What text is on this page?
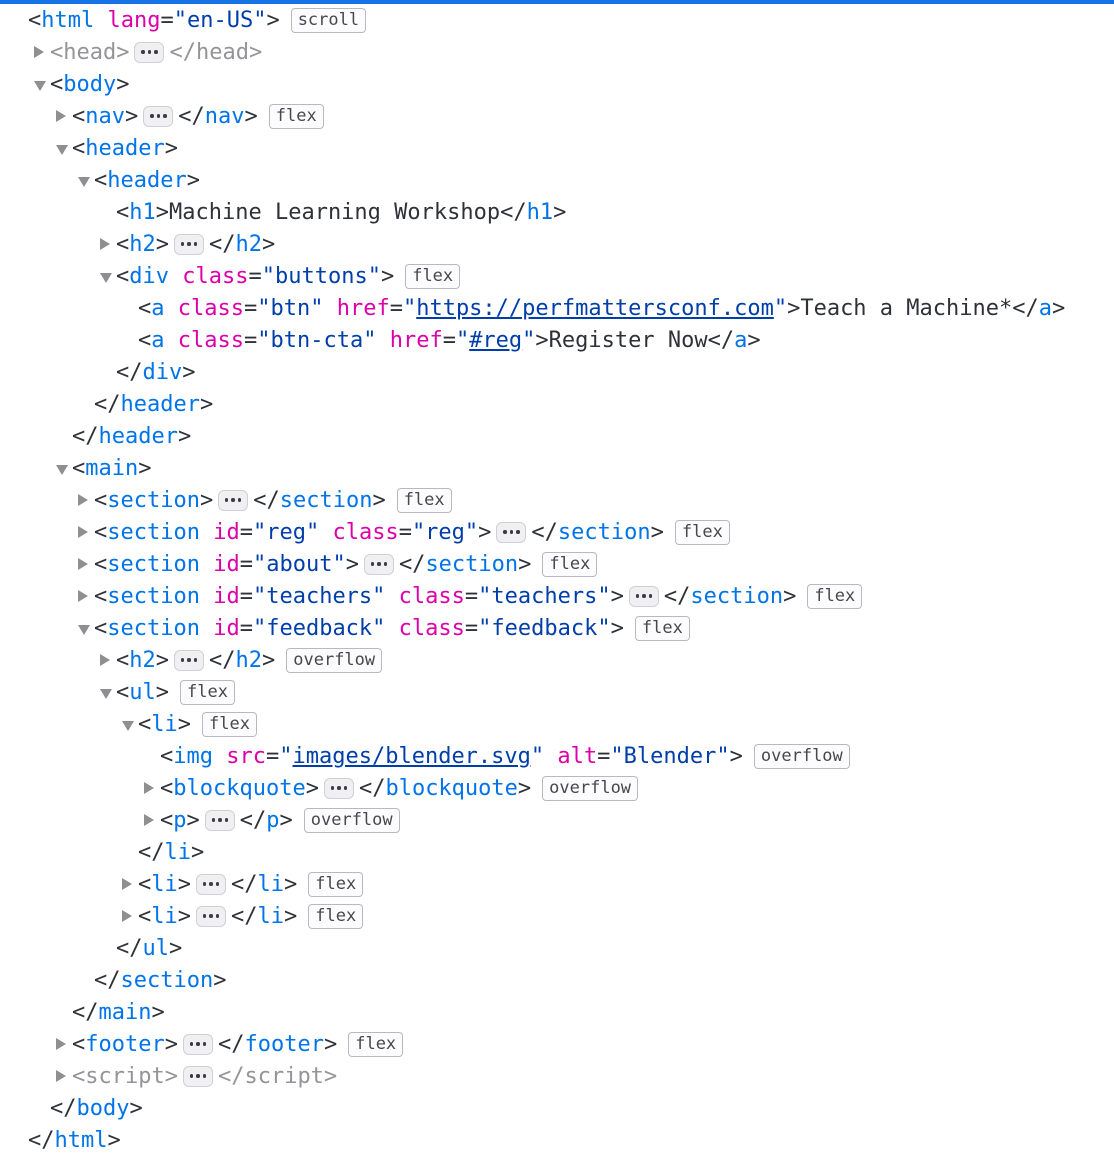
< html
lang = "en-US" >	scroll
<head> </head>
< body >
< nav > </ nav >	flex
< header >
< header >
< h1 > Machine Learning Workshop </ h1 >
< h2 > </ h2 >
< div
class = "buttons" >	flex
< a
class = "btn"
href = " https://perfmattersconf.com " > Teach a Machine* </ a >
< a
class = "btn-cta"
href = " #reg " > Register Now </ a >
</ div >
</ header >
</ header >
< main >
< section > </ section >	flex
< section
id = "reg"
class = "reg" > </ section >	flex
< section
id = "about" > </ section >	flex
< section
id = "teachers"
class = "teachers" > </ section >	flex
< section
id = "feedback"
class = "feedback" >	flex
< h2 > </ h2 >	overflow
< ul >	flex
< li >	flex
< img
src = " images/blender.svg "
alt = "Blender" >	overflow
< blockquote > </ blockquote >	overflow
< p > </ p >	overflow
</ li >
< li > </ li >	flex
< li > </ li >	flex
</ ul >
</ section >
</ main >
< footer > </ footer >	flex
<script> </script>
</ body >
</ html >
